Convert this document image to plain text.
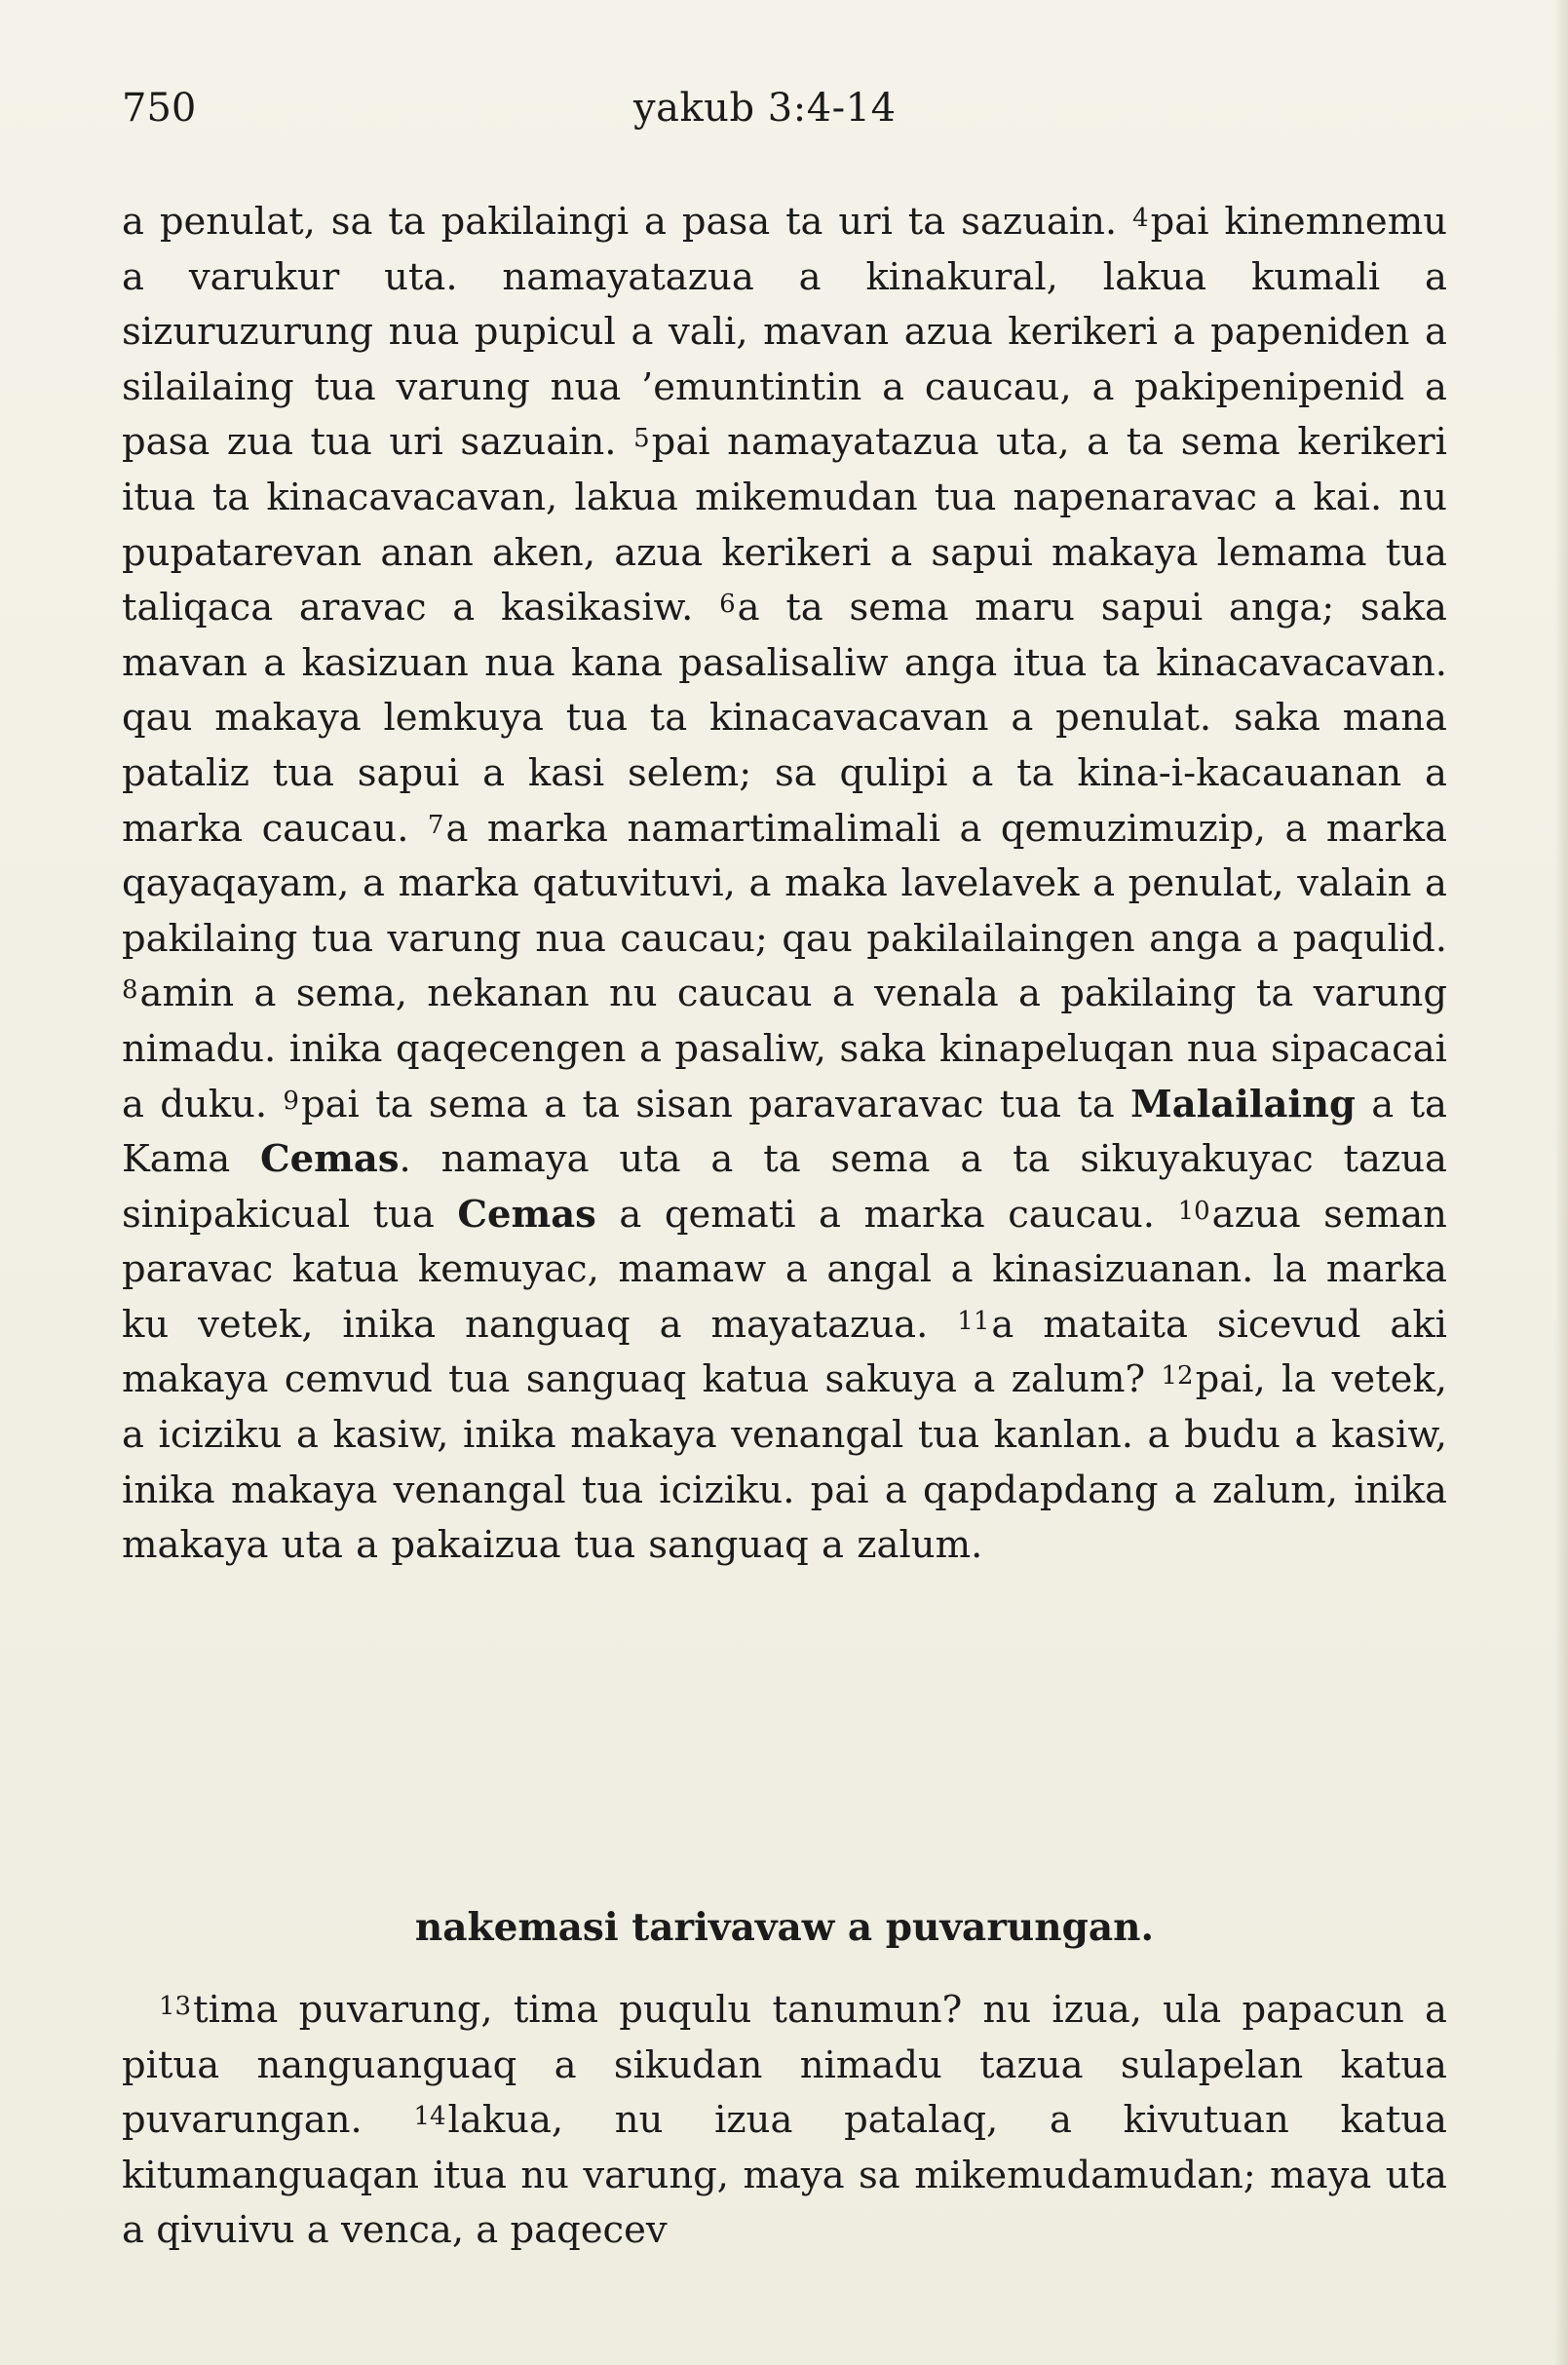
750	yakub 3:4-14

a penulat, sa ta pakilaingi a pasa ta uri ta sazuain. $^4$pai kinemnemu a varukur uta. namayatazua a kinakural, lakua kumali a sizuruzurung nua pupicul a vali, mavan azua kerikeri a papeniden a silailaing tua varung nua ’emuntintin a caucau, a pakipenipenid a pasa zua tua uri sazuain. $^5$pai namayatazua uta, a ta sema kerikeri itua ta kinacavacavan, lakua mikemudan tua napenaravac a kai. nu pupatarevan anan aken, azua kerikeri a sapui makaya lemama tua taliqaca aravac a kasikasiw. $^6$a ta sema maru sapui anga; saka mavan a kasizuan nua kana pasalisaliw anga itua ta kinacavacavan. qau makaya lemkuya tua ta kinacavacavan a penulat. saka mana pataliz tua sapui a kasi selem; sa qulipi a ta kina-i-kacauanan a marka caucau. $^7$a marka namartimalimali a qemuzimuzip, a marka qayaqayam, a marka qatuvituvi, a maka lavelavek a penulat, valain a pakilaing tua varung nua caucau; qau pakilailaingen anga a paqulid. $^8$amin a sema, nekanan nu caucau a venala a pakilaing ta varung nimadu. inika qaqecengen a pasaliw, saka kinapeluqan nua sipacacai a duku. $^9$pai ta sema a ta sisan paravaravac tua ta Malailaing a ta Kama Cemas. namaya uta a ta sema a ta sikuyakuyac tazua sinipakicual tua Cemas a qemati a marka caucau. $^{10}$azua seman paravac katua kemuyac, mamaw a angal a kinasizuanan. la marka ku vetek, inika nanguaq a mayatazua. $^{11}$a mataita sicevud aki makaya cemvud tua sanguaq katua sakuya a zalum? $^{12}$pai, la vetek, a iciziku a kasiw, inika makaya venangal tua kanlan. a budu a kasiw, inika makaya venangal tua iciziku. pai a qapdapdang a zalum, inika makaya uta a pakaizua tua sanguaq a zalum.

nakemasi tarivavaw a puvarungan.

$^{13}$tima puvarung, tima puqulu tanumun? nu izua, ula papacun a pitua nanguanguaq a sikudan nimadu tazua sulapelan katua puvarungan. $^{14}$lakua, nu izua patalaq, a kivutuan katua kitumanguaqan itua nu varung, maya sa mikemudamudan; maya uta a qivuivu a venca, a paqecev
